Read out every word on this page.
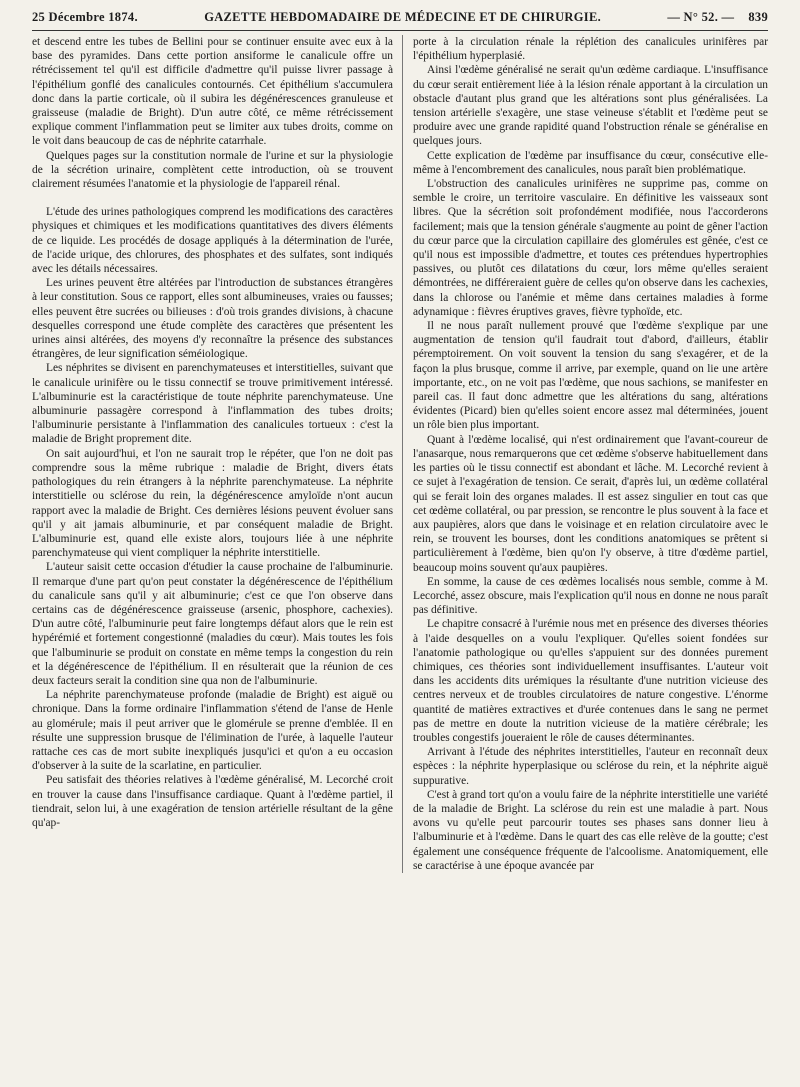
25 Décembre 1874.	GAZETTE HEBDOMADAIRE DE MÉDECINE ET DE CHIRURGIE.	— N° 52. — 839

et descend entre les tubes de Bellini pour se continuer ensuite avec eux à la base des pyramides. Dans cette portion ansiforme le canalicule offre un rétrécissement tel qu'il est difficile d'admettre qu'il puisse livrer passage à l'épithélium gonflé des canalicules contournés. Cet épithélium s'accumulera donc dans la partie corticale, où il subira les dégénérescences granuleuse et graisseuse (maladie de Bright). D'un autre côté, ce même rétrécissement explique comment l'inflammation peut se limiter aux tubes droits, comme on le voit dans beaucoup de cas de néphrite catarrhale.

Quelques pages sur la constitution normale de l'urine et sur la physiologie de la sécrétion urinaire, complètent cette introduction, où se trouvent clairement résumées l'anatomie et la physiologie de l'appareil rénal.

L'étude des urines pathologiques comprend les modifications des caractères physiques et chimiques et les modifications quantitatives des divers éléments de ce liquide. Les procédés de dosage appliqués à la détermination de l'urée, de l'acide urique, des chlorures, des phosphates et des sulfates, sont indiqués avec les détails nécessaires.

Les urines peuvent être altérées par l'introduction de substances étrangères à leur constitution. Sous ce rapport, elles sont albumineuses, vraies ou fausses; elles peuvent être sucrées ou bilieuses : d'où trois grandes divisions, à chacune desquelles correspond une étude complète des caractères que présentent les urines ainsi altérées, des moyens d'y reconnaître la présence des substances étrangères, de leur signification séméiologique.

Les néphrites se divisent en parenchymateuses et interstitielles, suivant que le canalicule urinifère ou le tissu connectif se trouve primitivement intéressé. L'albuminurie est la caractéristique de toute néphrite parenchymateuse. Une albuminurie passagère correspond à l'inflammation des tubes droits; l'albuminurie persistante à l'inflammation des canalicules tortueux : c'est la maladie de Bright proprement dite.

On sait aujourd'hui, et l'on ne saurait trop le répéter, que l'on ne doit pas comprendre sous la même rubrique : maladie de Bright, divers états pathologiques du rein étrangers à la néphrite parenchymateuse. La néphrite interstitielle ou sclérose du rein, la dégénérescence amyloïde n'ont aucun rapport avec la maladie de Bright. Ces dernières lésions peuvent évoluer sans qu'il y ait jamais albuminurie, et par conséquent maladie de Bright. L'albuminurie est, quand elle existe alors, toujours liée à une néphrite parenchymateuse qui vient compliquer la néphrite interstitielle.

L'auteur saisit cette occasion d'étudier la cause prochaine de l'albuminurie. Il remarque d'une part qu'on peut constater la dégénérescence de l'épithélium du canalicule sans qu'il y ait albuminurie; c'est ce que l'on observe dans certains cas de dégénérescence graisseuse (arsenic, phosphore, cachexies). D'un autre côté, l'albuminurie peut faire longtemps défaut alors que le rein est hypérémié et fortement congestionné (maladies du cœur). Mais toutes les fois que l'albuminurie se produit on constate en même temps la congestion du rein et la dégénérescence de l'épithélium. Il en résulterait que la réunion de ces deux facteurs serait la condition sine qua non de l'albuminurie.

La néphrite parenchymateuse profonde (maladie de Bright) est aiguë ou chronique. Dans la forme ordinaire l'inflammation s'étend de l'anse de Henle au glomérule; mais il peut arriver que le glomérule se prenne d'emblée. Il en résulte une suppression brusque de l'élimination de l'urée, à laquelle l'auteur rattache ces cas de mort subite inexpliqués jusqu'ici et qu'on a eu occasion d'observer à la suite de la scarlatine, en particulier.

Peu satisfait des théories relatives à l'œdème généralisé, M. Lecorché croit en trouver la cause dans l'insuffisance cardiaque. Quant à l'œdème partiel, il tiendrait, selon lui, à une exagération de tension artérielle résultant de la gêne qu'ap-

porte à la circulation rénale la réplétion des canalicules urinifères par l'épithélium hyperplasié.

Ainsi l'œdème généralisé ne serait qu'un œdème cardiaque. L'insuffisance du cœur serait entièrement liée à la lésion rénale apportant à la circulation un obstacle d'autant plus grand que les altérations sont plus généralisées. La tension artérielle s'exagère, une stase veineuse s'établit et l'œdème peut se produire avec une grande rapidité quand l'obstruction rénale se généralise en quelques jours.

Cette explication de l'œdème par insuffisance du cœur, consécutive elle-même à l'encombrement des canalicules, nous paraît bien problématique.

L'obstruction des canalicules urinifères ne supprime pas, comme on semble le croire, un territoire vasculaire. En définitive les vaisseaux sont libres. Que la sécrétion soit profondément modifiée, nous l'accorderons facilement; mais que la tension générale s'augmente au point de gêner l'action du cœur parce que la circulation capillaire des glomérules est gênée, c'est ce qu'il nous est impossible d'admettre, et toutes ces prétendues hypertrophies passives, ou plutôt ces dilatations du cœur, lors même qu'elles seraient démontrées, ne différeraient guère de celles qu'on observe dans les cachexies, dans la chlorose ou l'anémie et même dans certaines maladies à forme adynamique : fièvres éruptives graves, fièvre typhoïde, etc.

Il ne nous paraît nullement prouvé que l'œdème s'explique par une augmentation de tension qu'il faudrait tout d'abord, d'ailleurs, établir péremptoirement. On voit souvent la tension du sang s'exagérer, et de la façon la plus brusque, comme il arrive, par exemple, quand on lie une artère importante, etc., on ne voit pas l'œdème, que nous sachions, se manifester en pareil cas. Il faut donc admettre que les altérations du sang, altérations évidentes (Picard) bien qu'elles soient encore assez mal déterminées, jouent un rôle bien plus important.

Quant à l'œdème localisé, qui n'est ordinairement que l'avant-coureur de l'anasarque, nous remarquerons que cet œdème s'observe habituellement dans les parties où le tissu connectif est abondant et lâche. M. Lecorché revient à ce sujet à l'exagération de tension. Ce serait, d'après lui, un œdème collatéral qui se ferait loin des organes malades. Il est assez singulier en tout cas que cet œdème collatéral, ou par pression, se rencontre le plus souvent à la face et aux paupières, alors que dans le voisinage et en relation circulatoire avec le rein, se trouvent les bourses, dont les conditions anatomiques se prêtent si particulièrement à l'œdème, bien qu'on l'y observe, à titre d'œdème partiel, beaucoup moins souvent qu'aux paupières.

En somme, la cause de ces œdèmes localisés nous semble, comme à M. Lecorché, assez obscure, mais l'explication qu'il nous en donne ne nous paraît pas définitive.

Le chapitre consacré à l'urémie nous met en présence des diverses théories à l'aide desquelles on a voulu l'expliquer. Qu'elles soient fondées sur l'anatomie pathologique ou qu'elles s'appuient sur des données purement chimiques, ces théories sont individuellement insuffisantes. L'auteur voit dans les accidents dits urémiques la résultante d'une nutrition vicieuse des centres nerveux et de troubles circulatoires de nature congestive. L'énorme quantité de matières extractives et d'urée contenues dans le sang ne permet pas de mettre en doute la nutrition vicieuse de la matière cérébrale; les troubles congestifs joueraient le rôle de causes déterminantes.

Arrivant à l'étude des néphrites interstitielles, l'auteur en reconnaît deux espèces : la néphrite hyperplasique ou sclérose du rein, et la néphrite aiguë suppurative.

C'est à grand tort qu'on a voulu faire de la néphrite interstitielle une variété de la maladie de Bright. La sclérose du rein est une maladie à part. Nous avons vu qu'elle peut parcourir toutes ses phases sans donner lieu à l'albuminurie et à l'œdème. Dans le quart des cas elle relève de la goutte; c'est également une conséquence fréquente de l'alcoolisme. Anatomiquement, elle se caractérise à une époque avancée par
